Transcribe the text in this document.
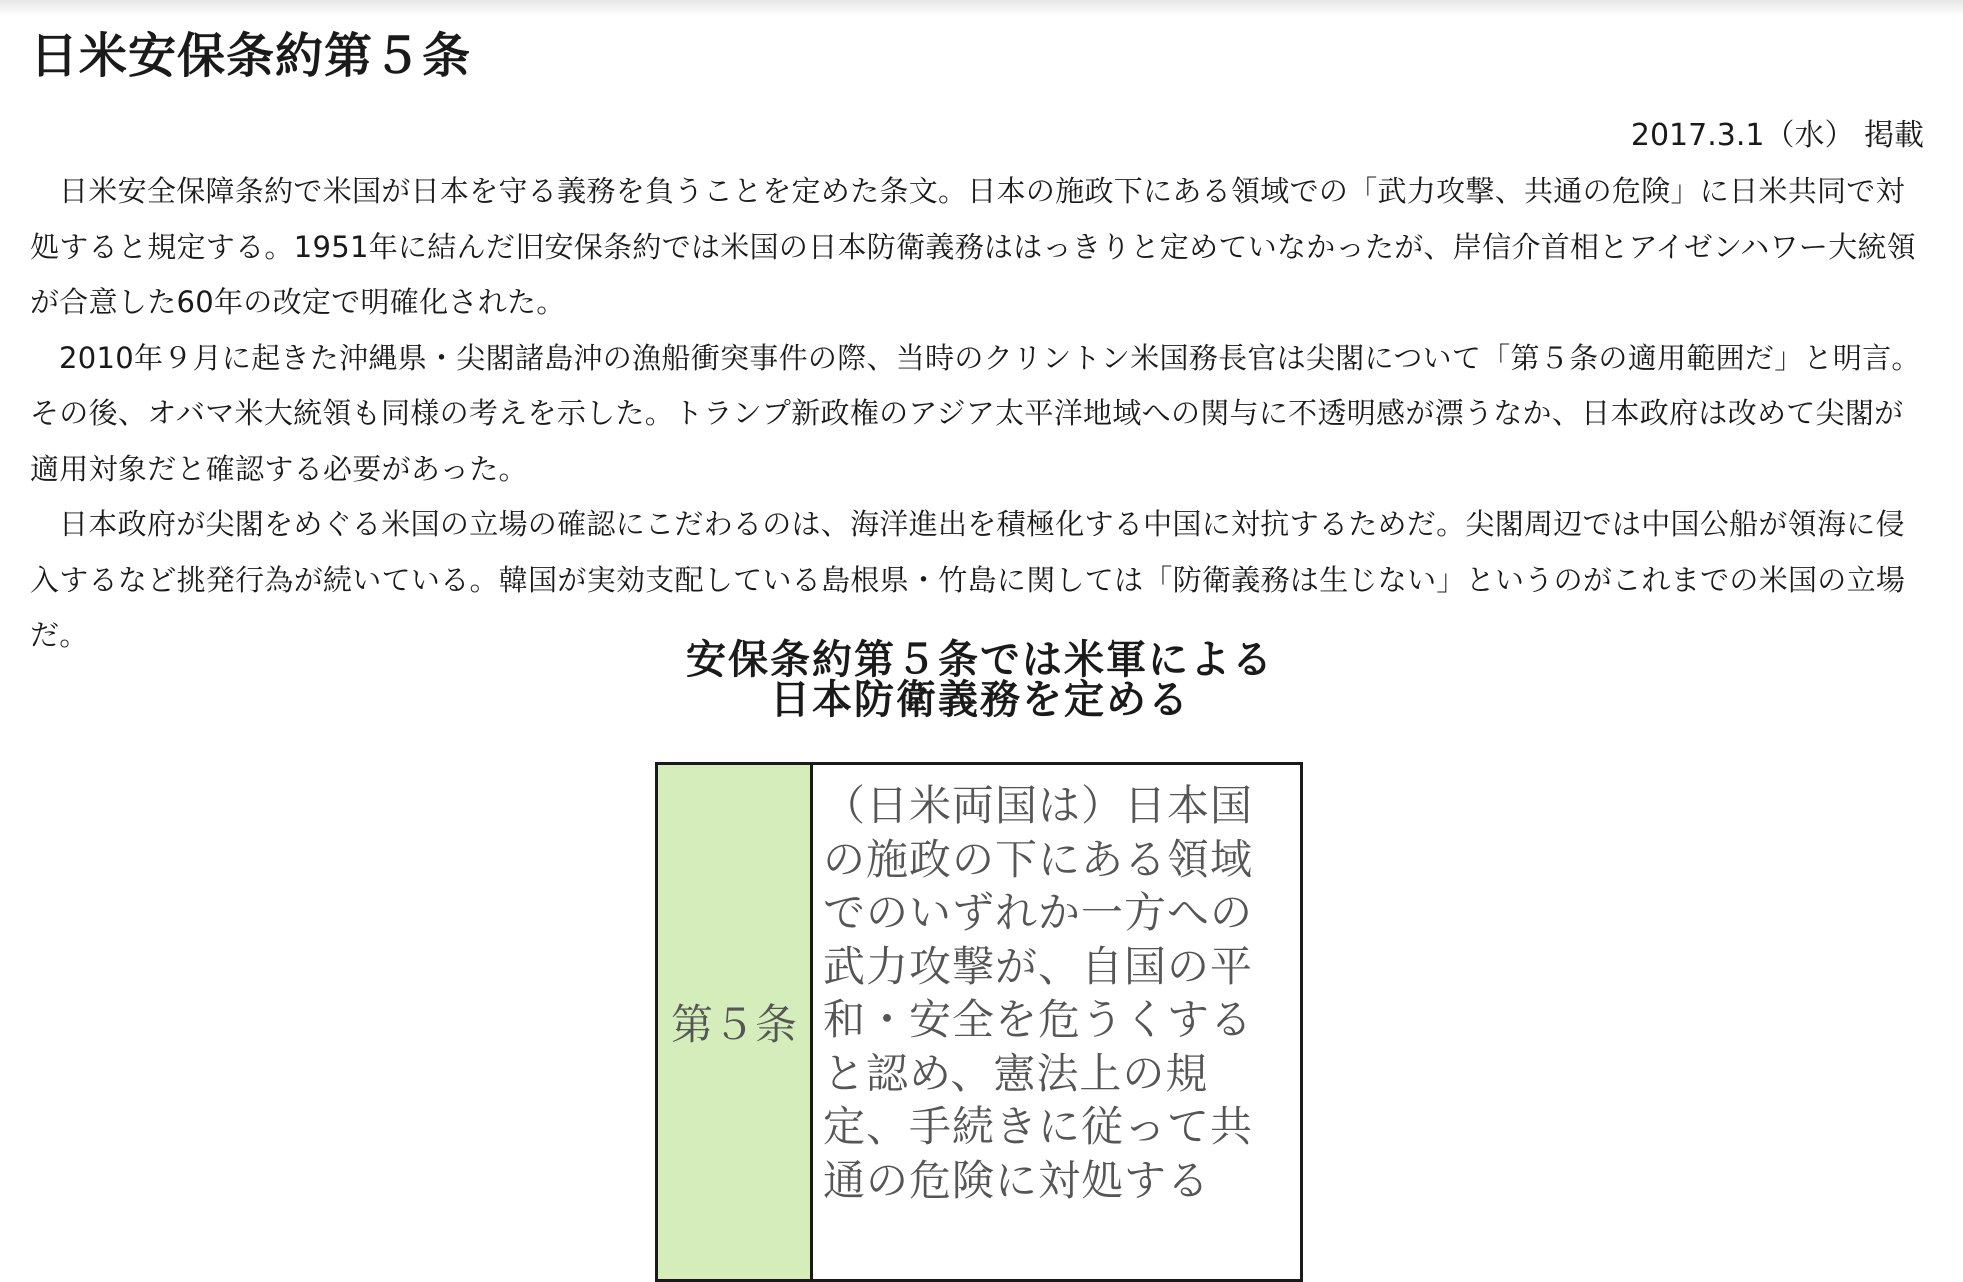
日米安保条約第５条
2017.3.1（水） 掲載

日米安全保障条約で米国が日本を守る義務を負うことを定めた条文。日本の施政下にある領域での「武力攻撃、共通の危険」に日米共同で対処すると規定する。1951年に結んだ旧安保条約では米国の日本防衛義務ははっきりと定めていなかったが、岸信介首相とアイゼンハワー大統領が合意した60年の改定で明確化された。

2010年９月に起きた沖縄県・尖閣諸島沖の漁船衝突事件の際、当時のクリントン米国務長官は尖閣について「第５条の適用範囲だ」と明言。その後、オバマ米大統領も同様の考えを示した。トランプ新政権のアジア太平洋地域への関与に不透明感が漂うなか、日本政府は改めて尖閣が適用対象だと確認する必要があった。

日本政府が尖閣をめぐる米国の立場の確認にこだわるのは、海洋進出を積極化する中国に対抗するためだ。尖閣周辺では中国公船が領海に侵入するなど挑発行為が続いている。韓国が実効支配している島根県・竹島に関しては「防衛義務は生じない」というのがこれまでの米国の立場だ。

安保条約第５条では米軍による
日本防衛義務を定める
第５条
（日米両国は）日本国の施政の下にある領域でのいずれか一方への武力攻撃が、自国の平和・安全を危うくすると認め、憲法上の規定、手続きに従って共通の危険に対処する
